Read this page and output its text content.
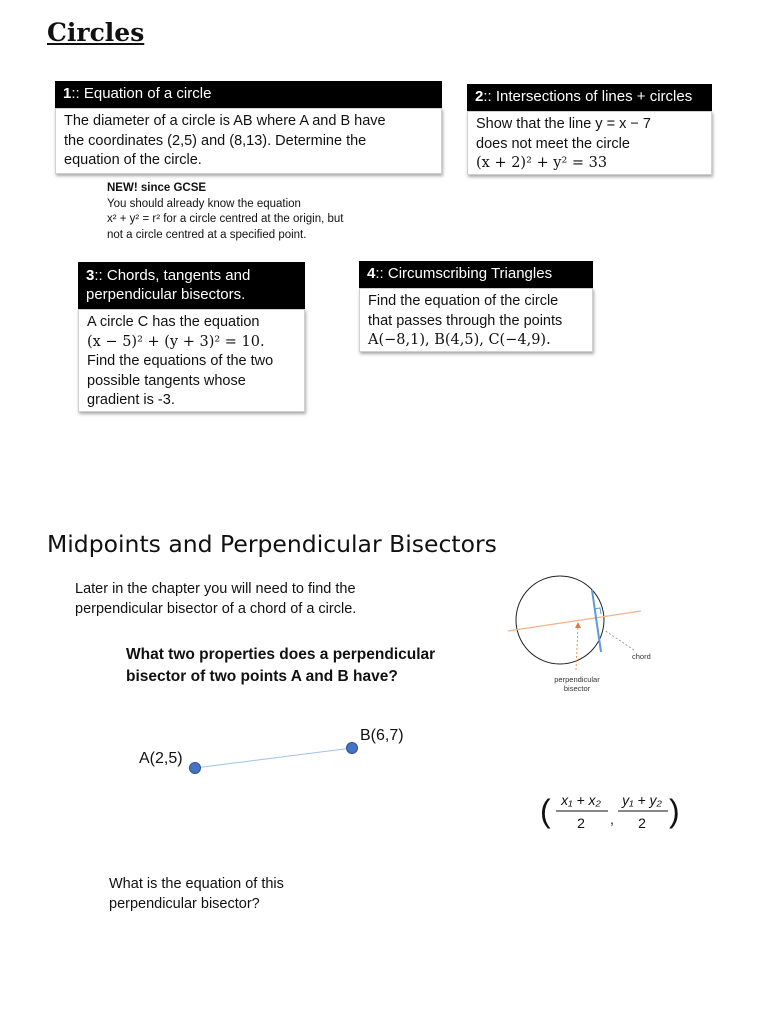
Circles
1:: Equation of a circle
The diameter of a circle is AB where A and B have
the coordinates (2,5) and (8,13). Determine the
equation of the circle.
2:: Intersections of lines + circles
Show that the line y = x − 7
does not meet the circle
(x + 2)² + y² = 33
NEW! since GCSE
You should already know the equation
x² + y² = r² for a circle centred at the origin, but
not a circle centred at a specified point.
3:: Chords, tangents and
perpendicular bisectors.
A circle C has the equation
(x − 5)² + (y + 3)² = 10.
Find the equations of the two
possible tangents whose
gradient is -3.
4:: Circumscribing Triangles
Find the equation of the circle
that passes through the points
A(−8,1), B(4,5), C(−4,9).
Midpoints and Perpendicular Bisectors
Later in the chapter you will need to find the
perpendicular bisector of a chord of a circle.
What two properties does a perpendicular
bisector of two points A and B have?
chord
perpendicular
bisector
A(2,5)
B(6,7)
( x₁ + x₂
2 ,
y₁ + y₂
2 )
What is the equation of this
perpendicular bisector?
